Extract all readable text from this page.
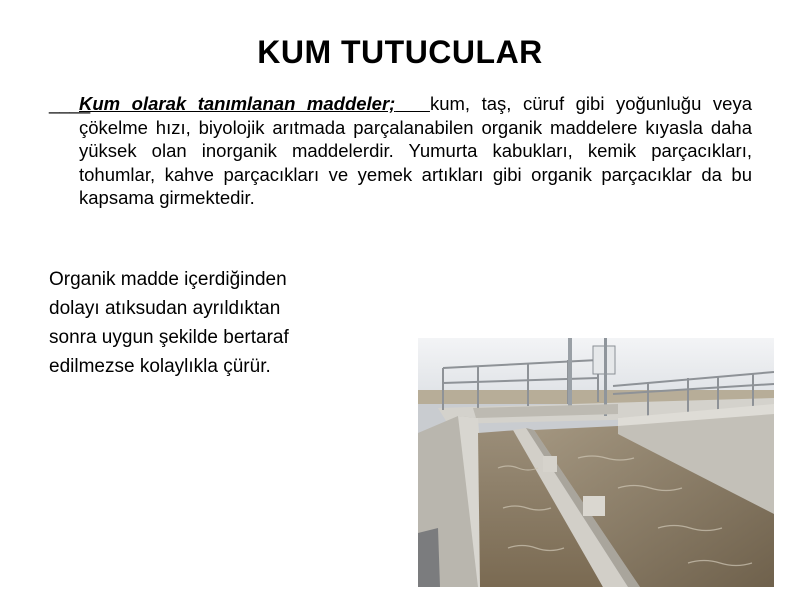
KUM TUTUCULAR
____
Kum olarak tanımlanan maddeler; kum, taş, cüruf gibi yoğunluğu veya çökelme hızı, biyolojik arıtmada parçalanabilen organik maddelere kıyasla daha yüksek olan inorganik maddelerdir. Yumurta kabukları, kemik parçacıkları, tohumlar, kahve parçacıkları ve yemek artıkları gibi organik parçacıklar da bu kapsama girmektedir.
Organik madde içerdiğinden
dolayı atıksudan ayrıldıktan
sonra uygun şekilde bertaraf
edilmezse kolaylıkla çürür.
